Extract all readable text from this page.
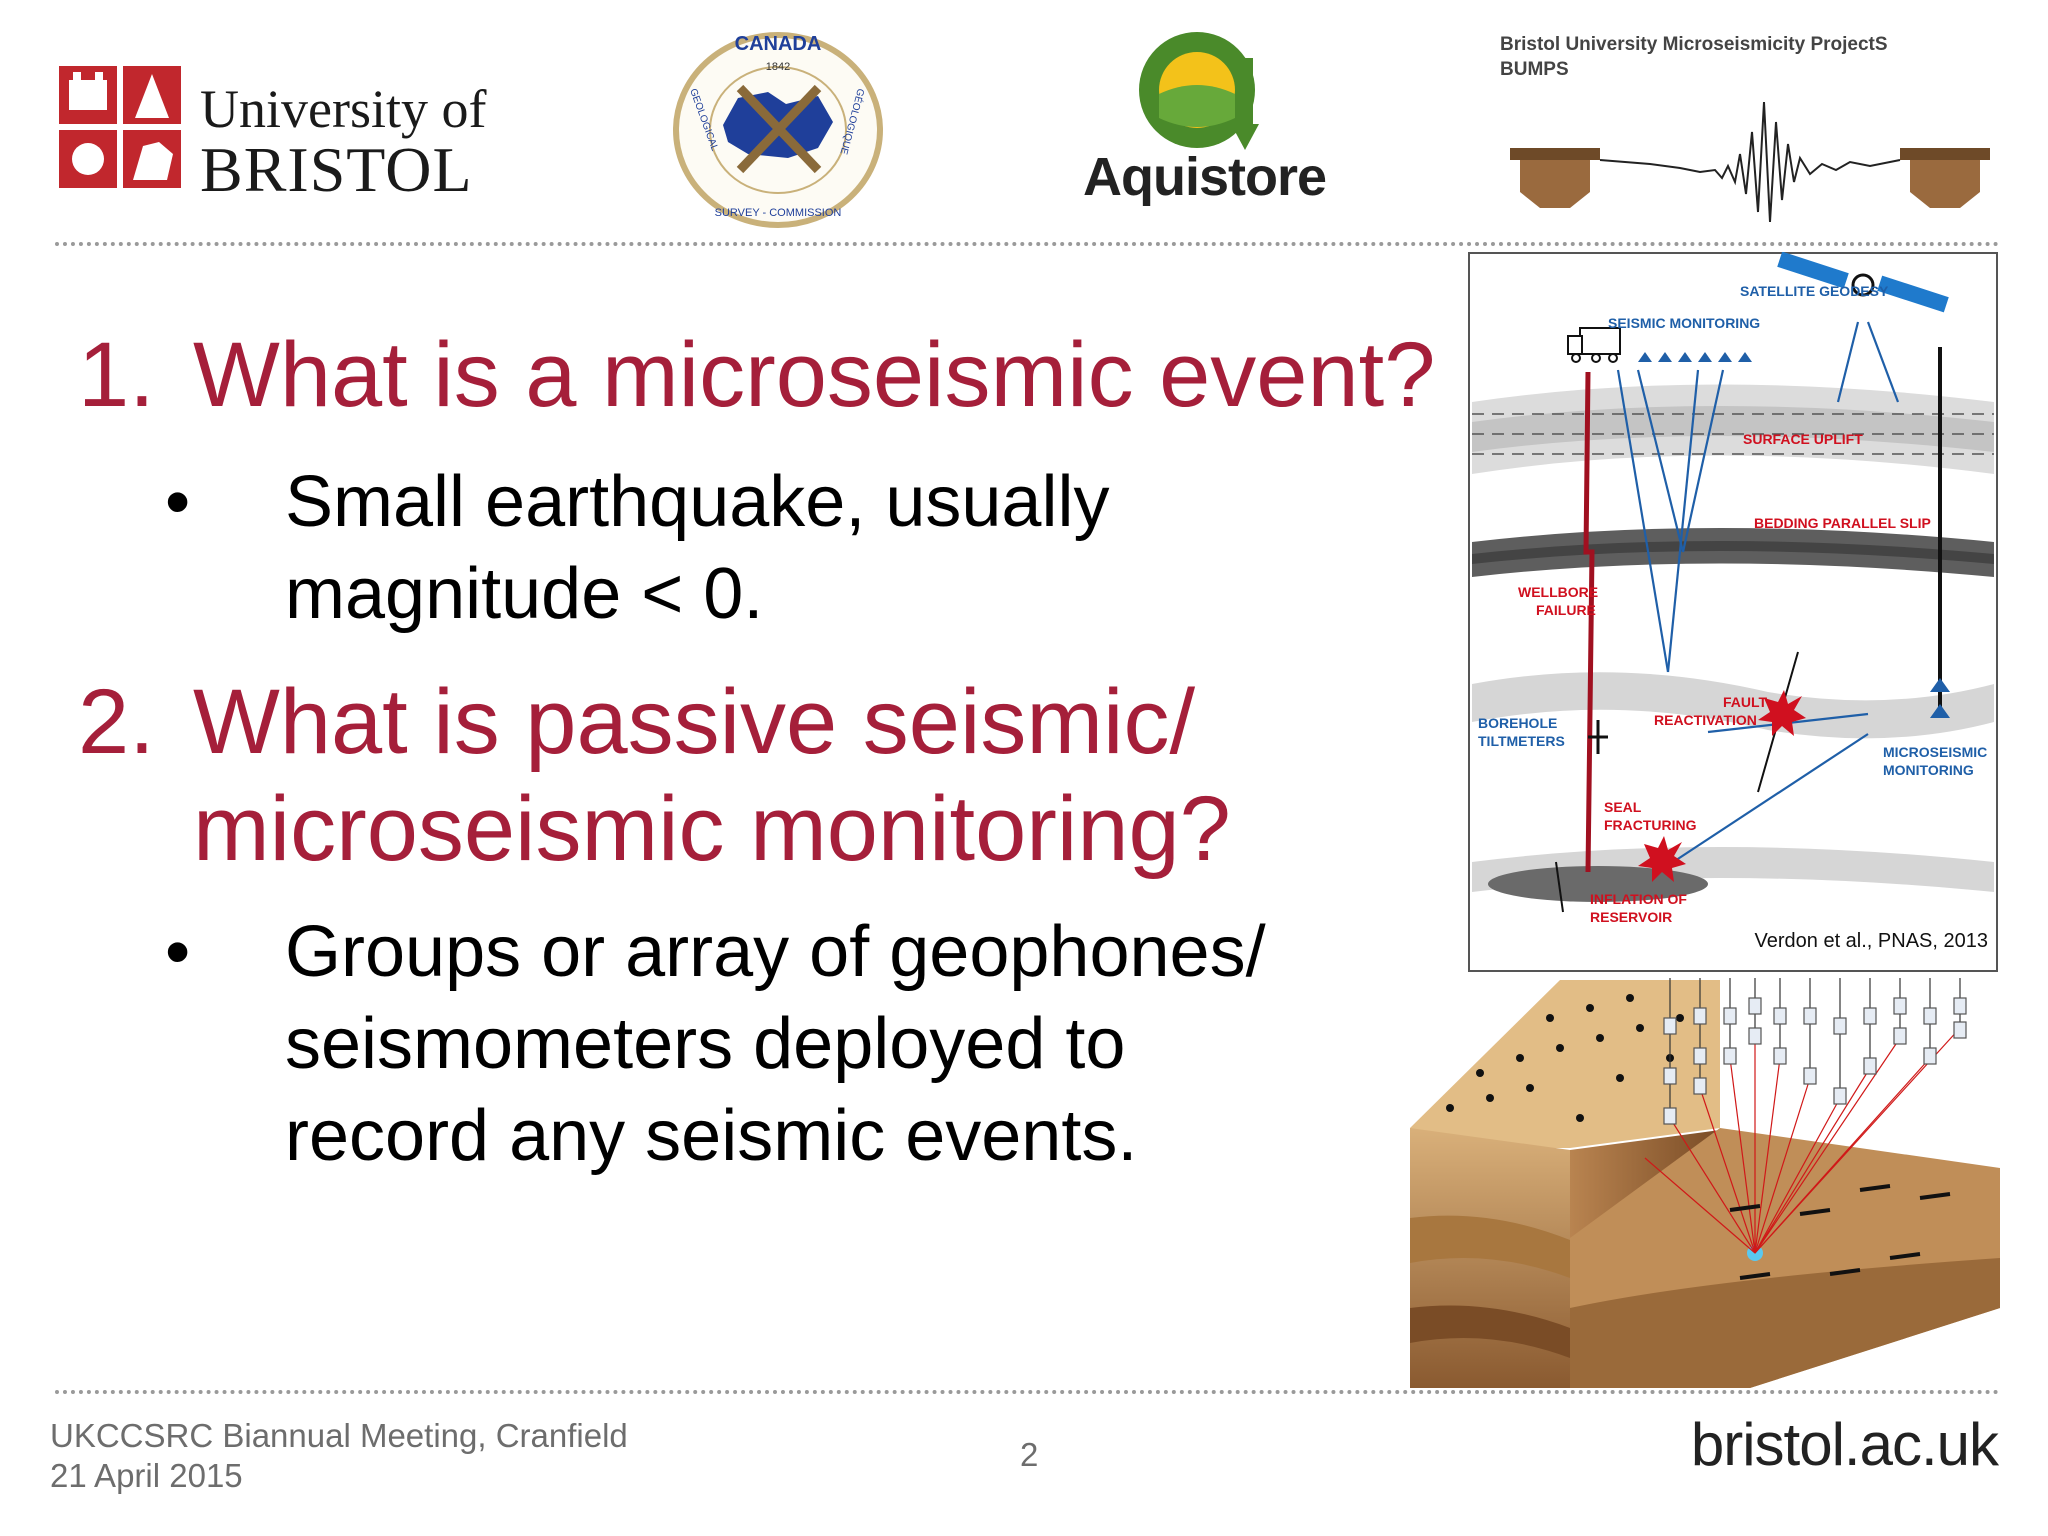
University of
BRISTOL
CANADA
1842
GEOLOGICAL	GÉOLOGIQUE
SURVEY - COMMISSION
Aquistore
Bristol University Microseismicity ProjectS
BUMPS
1. What is a microseismic event?
• Small earthquake, usually
magnitude < 0.
2. What is passive seismic/
microseismic monitoring?
• Groups or array of geophones/
seismometers deployed to
record any seismic events.
SATELLITE GEODESY
SEISMIC MONITORING
SURFACE UPLIFT
BEDDING PARALLEL SLIP
WELLBORE
FAILURE
FAULT
REACTIVATION
BOREHOLE
TILTMETERS
MICROSEISMIC
MONITORING
SEAL
FRACTURING
INFLATION OF
RESERVOIR
Verdon et al., PNAS, 2013
UKCCSRC Biannual Meeting, Cranfield
21 April 2015
2	bristol.ac.uk
